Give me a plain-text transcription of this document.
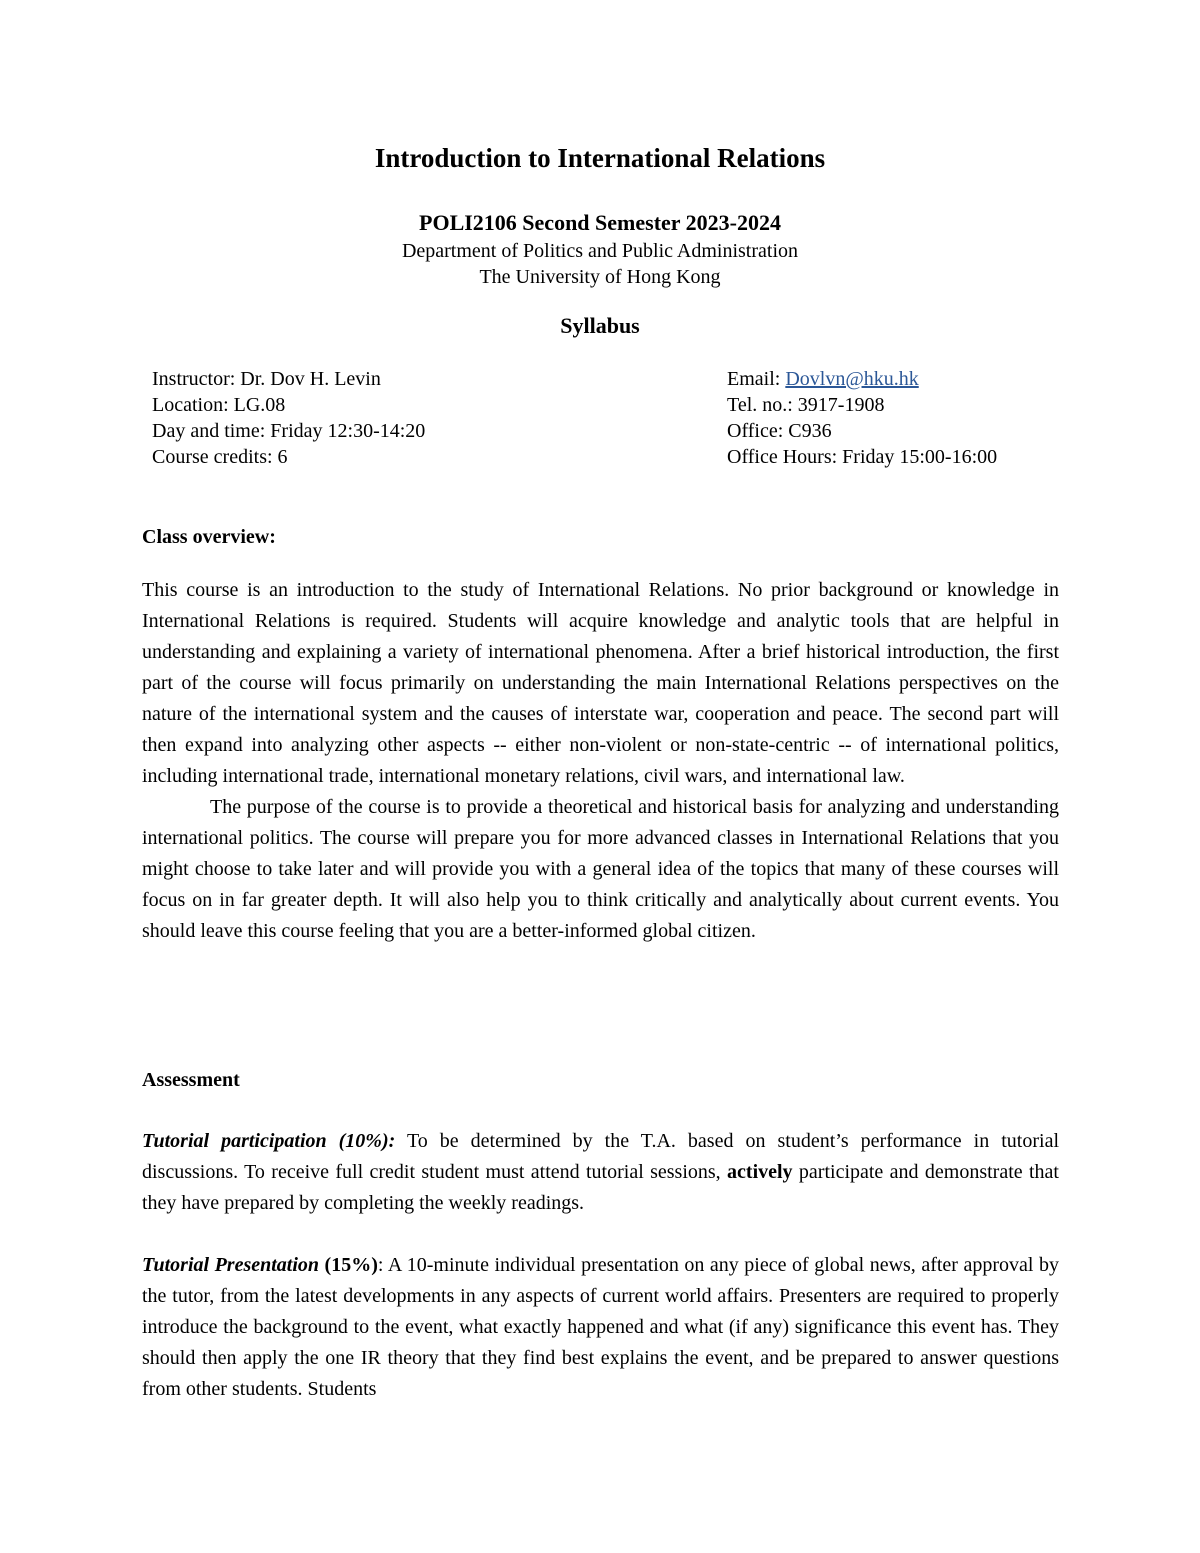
Introduction to International Relations
POLI2106 Second Semester 2023-2024
Department of Politics and Public Administration
The University of Hong Kong
Syllabus
Instructor: Dr. Dov H. Levin
Location: LG.08
Day and time: Friday 12:30-14:20
Course credits: 6
Email: Dovlvn@hku.hk
Tel. no.: 3917-1908
Office: C936
Office Hours: Friday 15:00-16:00
Class overview:
This course is an introduction to the study of International Relations. No prior background or knowledge in International Relations is required. Students will acquire knowledge and analytic tools that are helpful in understanding and explaining a variety of international phenomena. After a brief historical introduction, the first part of the course will focus primarily on understanding the main International Relations perspectives on the nature of the international system and the causes of interstate war, cooperation and peace. The second part will then expand into analyzing other aspects -- either non-violent or non-state-centric -- of international politics, including international trade, international monetary relations, civil wars, and international law.
The purpose of the course is to provide a theoretical and historical basis for analyzing and understanding international politics. The course will prepare you for more advanced classes in International Relations that you might choose to take later and will provide you with a general idea of the topics that many of these courses will focus on in far greater depth. It will also help you to think critically and analytically about current events. You should leave this course feeling that you are a better-informed global citizen.
Assessment
Tutorial participation (10%): To be determined by the T.A. based on student’s performance in tutorial discussions. To receive full credit student must attend tutorial sessions, actively participate and demonstrate that they have prepared by completing the weekly readings.
Tutorial Presentation (15%): A 10-minute individual presentation on any piece of global news, after approval by the tutor, from the latest developments in any aspects of current world affairs. Presenters are required to properly introduce the background to the event, what exactly happened and what (if any) significance this event has. They should then apply the one IR theory that they find best explains the event, and be prepared to answer questions from other students. Students
